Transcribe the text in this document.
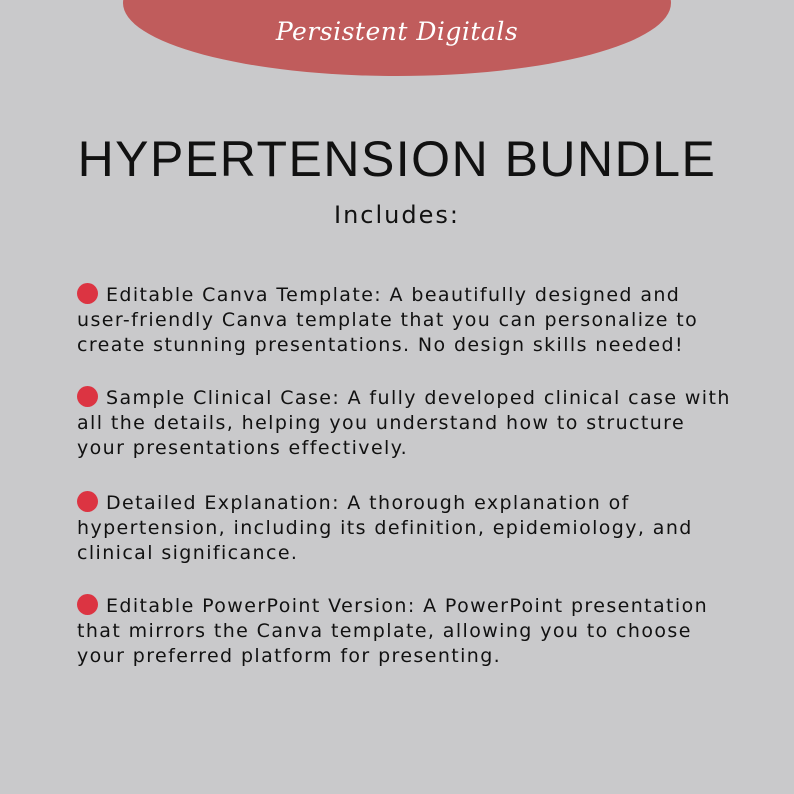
Persistent Digitals
HYPERTENSION BUNDLE
Includes:
Editable Canva Template: A beautifully designed and user-friendly Canva template that you can personalize to create stunning presentations. No design skills needed!
Sample Clinical Case: A fully developed clinical case with all the details, helping you understand how to structure your presentations effectively.
Detailed Explanation: A thorough explanation of hypertension, including its definition, epidemiology, and clinical significance.
Editable PowerPoint Version: A PowerPoint presentation that mirrors the Canva template, allowing you to choose your preferred platform for presenting.
